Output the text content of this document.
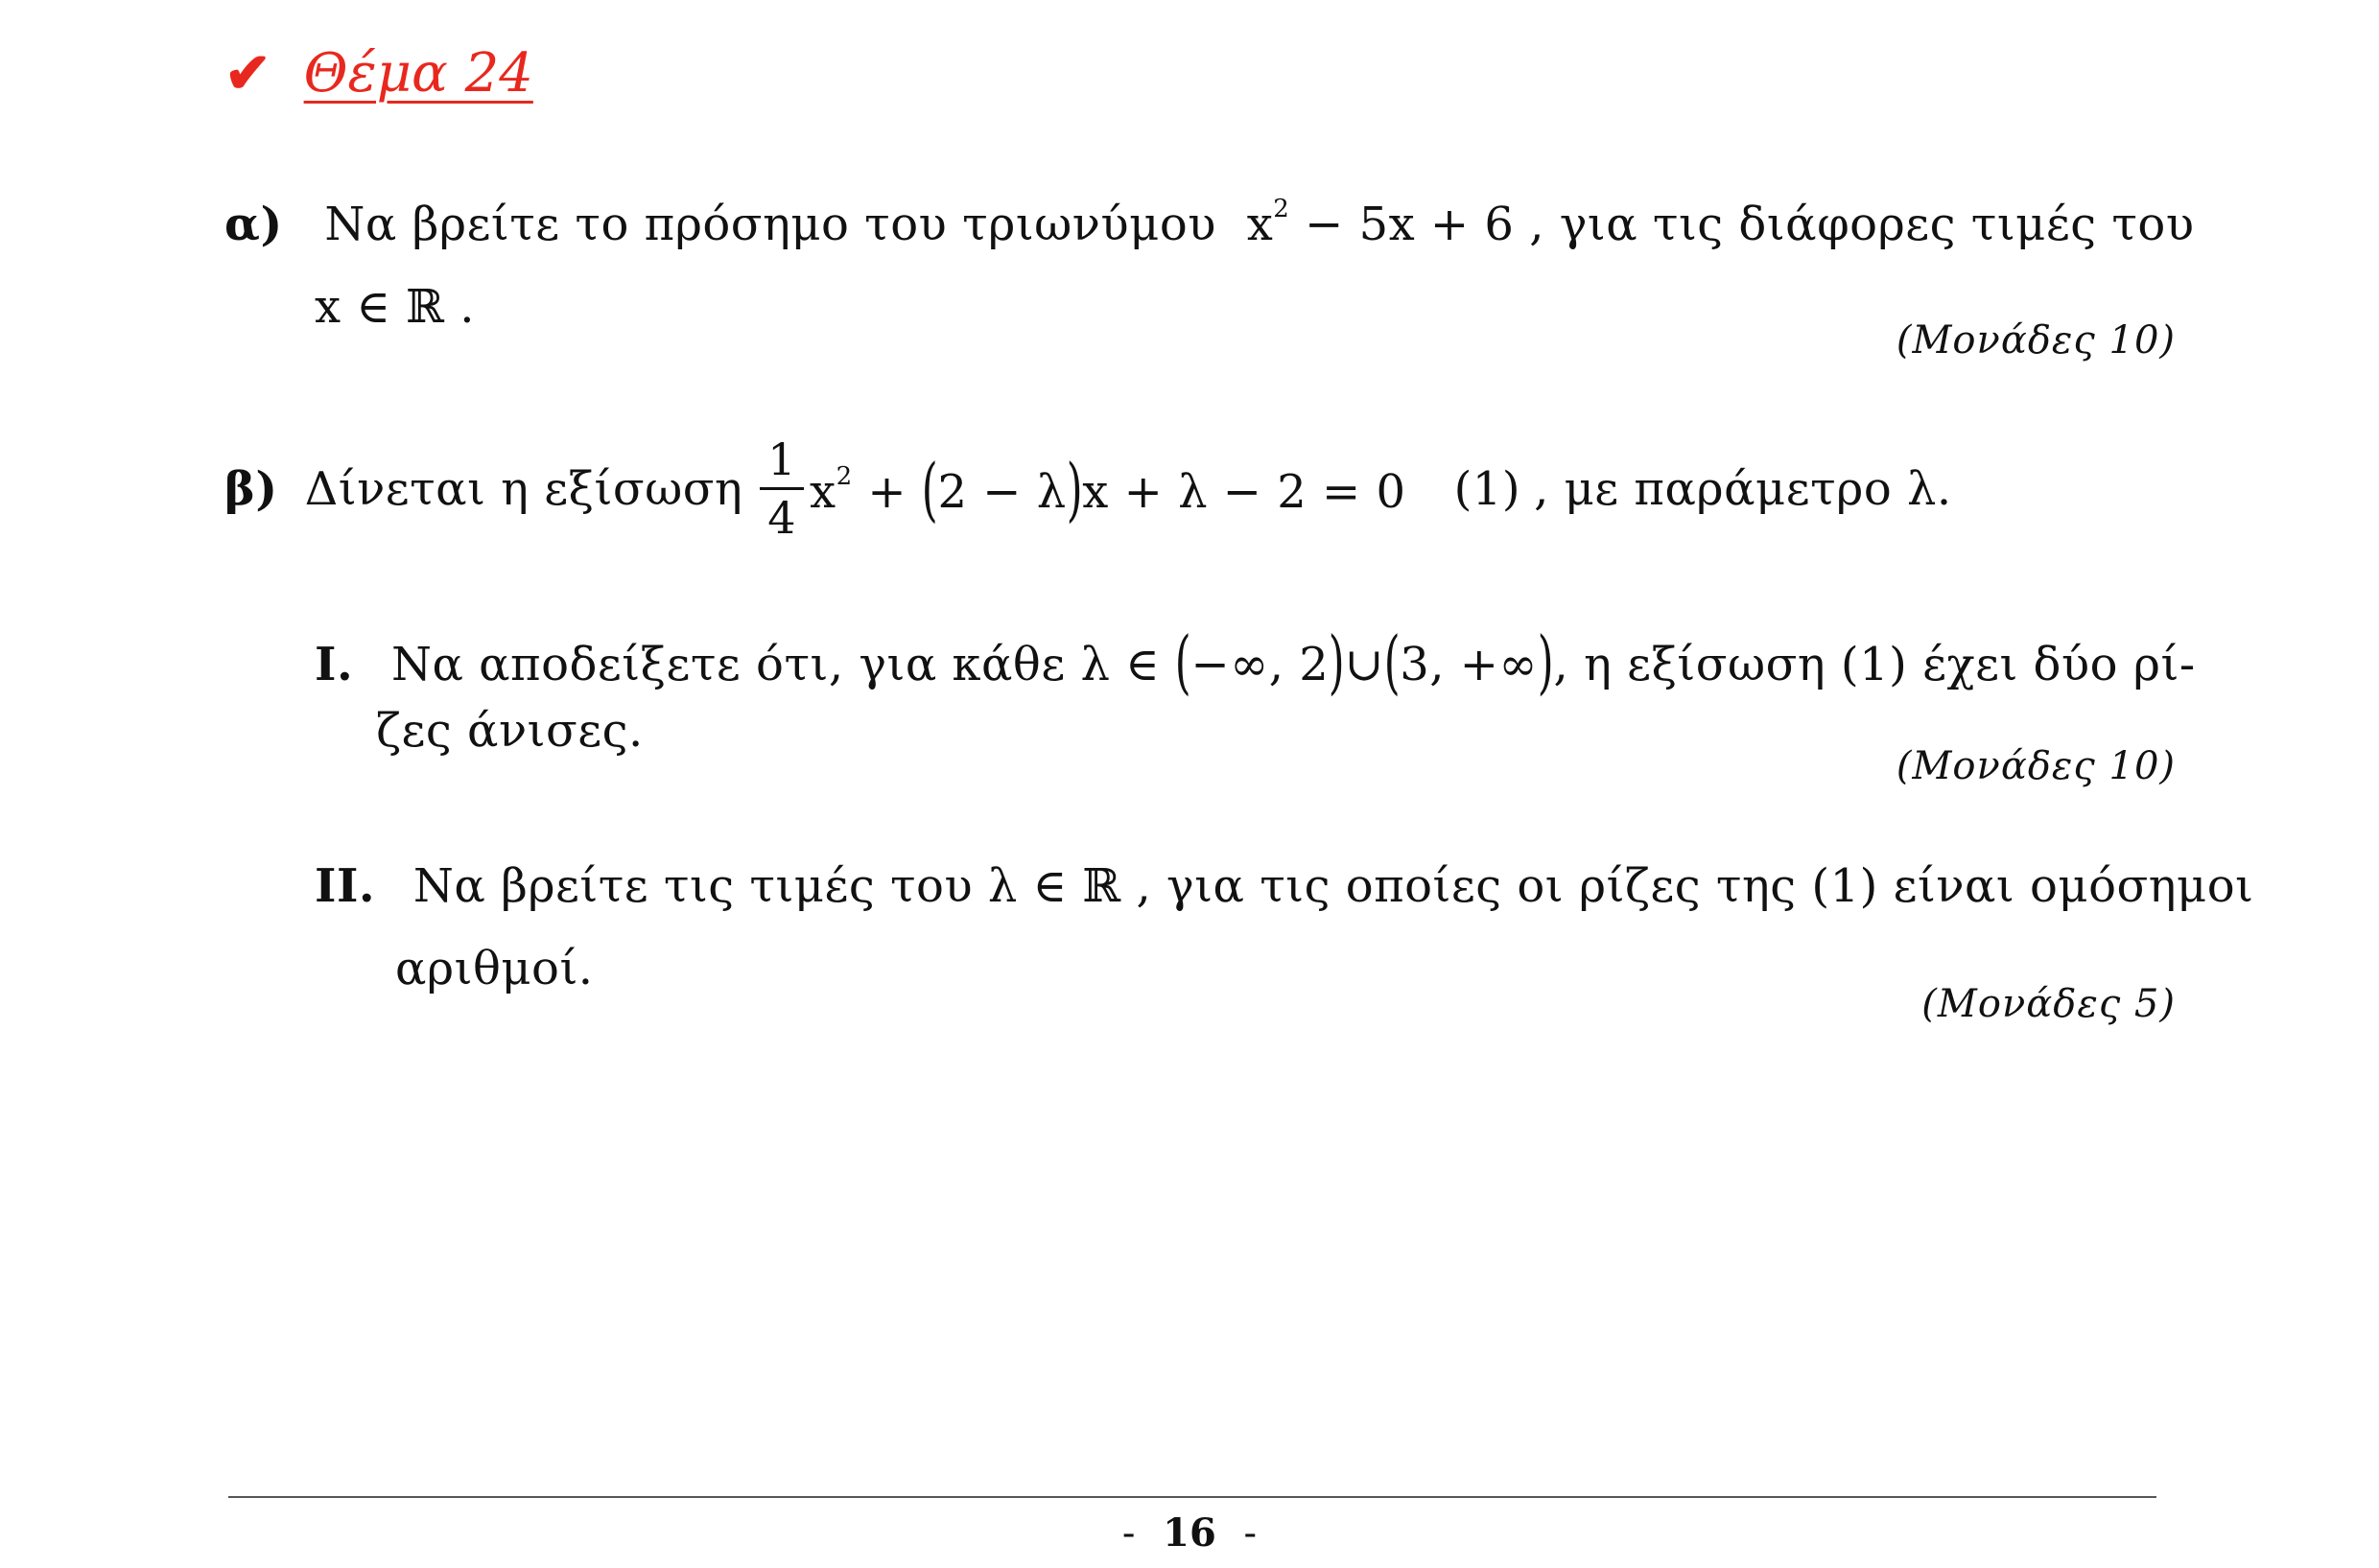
✔ Θέμα 24
α) Να βρείτε το πρόσημο του τριωνύμου $x^2 - 5x + 6$ , για τις διάφορες τιμές του
x ∈ ℝ .
(Μονάδες 10)
β) Δίνεται η εξίσωση $\frac{1}{4} x^2 + (2 - \lambda)x + \lambda - 2 = 0$ (1) , με παράμετρο λ.
I. Να αποδείξετε ότι, για κάθε λ ∈ (−∞, 2)∪(3, +∞), η εξίσωση (1) έχει δύο ρί-
ζες άνισες.
(Μονάδες 10)
II. Να βρείτε τις τιμές του λ ∈ ℝ , για τις οποίες οι ρίζες της (1) είναι ομόσημοι
αριθμοί.
(Μονάδες 5)
- 16 -
